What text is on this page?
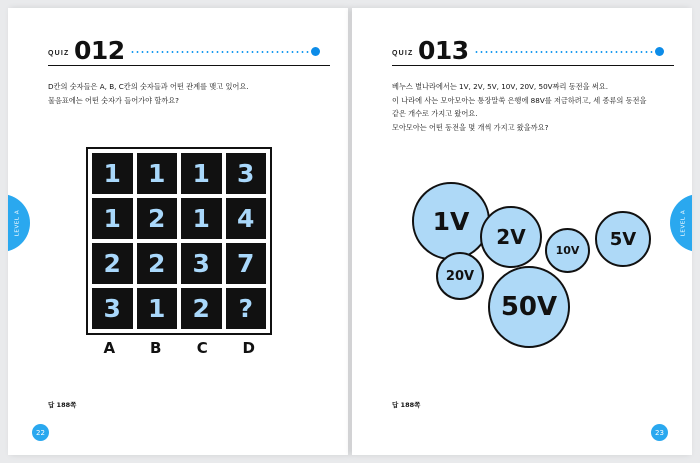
QUIZ 012
D칸의 숫자들은 A, B, C칸의 숫자들과 어떤 관계를 맺고 있어요.
물음표에는 어떤 숫자가 들어가야 할까요?
1	1	1	3
1	2	1	4
2	2	3	7
3	1	2	?
A	B	C	D
답 188쪽
22
LEVEL A
QUIZ 013
베누스 별나라에서는 1V, 2V, 5V, 10V, 20V, 50V짜리 동전을 써요.
이 나라에 사는 모아모아는 통장말쑥 은행에 88V를 저금하려고, 세 종류의 동전을
같은 개수로 가지고 왔어요.
모아모아는 어떤 동전을 몇 개씩 가지고 왔을까요?
1V
2V
20V
10V
5V
50V
답 188쪽
23
LEVEL A
